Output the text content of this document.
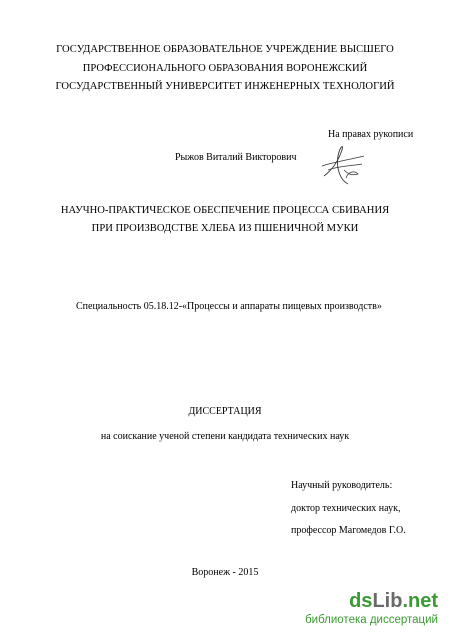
ГОСУДАРСТВЕННОЕ ОБРАЗОВАТЕЛЬНОЕ УЧРЕЖДЕНИЕ ВЫСШЕГО
ПРОФЕССИОНАЛЬНОГО ОБРАЗОВАНИЯ ВОРОНЕЖСКИЙ
ГОСУДАРСТВЕННЫЙ УНИВЕРСИТЕТ ИНЖЕНЕРНЫХ ТЕХНОЛОГИЙ
На правах рукописи
Рыжов Виталий Викторович
НАУЧНО-ПРАКТИЧЕСКОЕ ОБЕСПЕЧЕНИЕ ПРОЦЕССА СБИВАНИЯ
ПРИ ПРОИЗВОДСТВЕ ХЛЕБА ИЗ ПШЕНИЧНОЙ МУКИ
Специальность 05.18.12-«Процессы и аппараты пищевых производств»
ДИССЕРТАЦИЯ
на соискание ученой степени кандидата технических наук
Научный руководитель:
доктор технических наук,
профессор Магомедов Г.О.
Воронеж - 2015
dsLib.net
библиотека диссертаций
